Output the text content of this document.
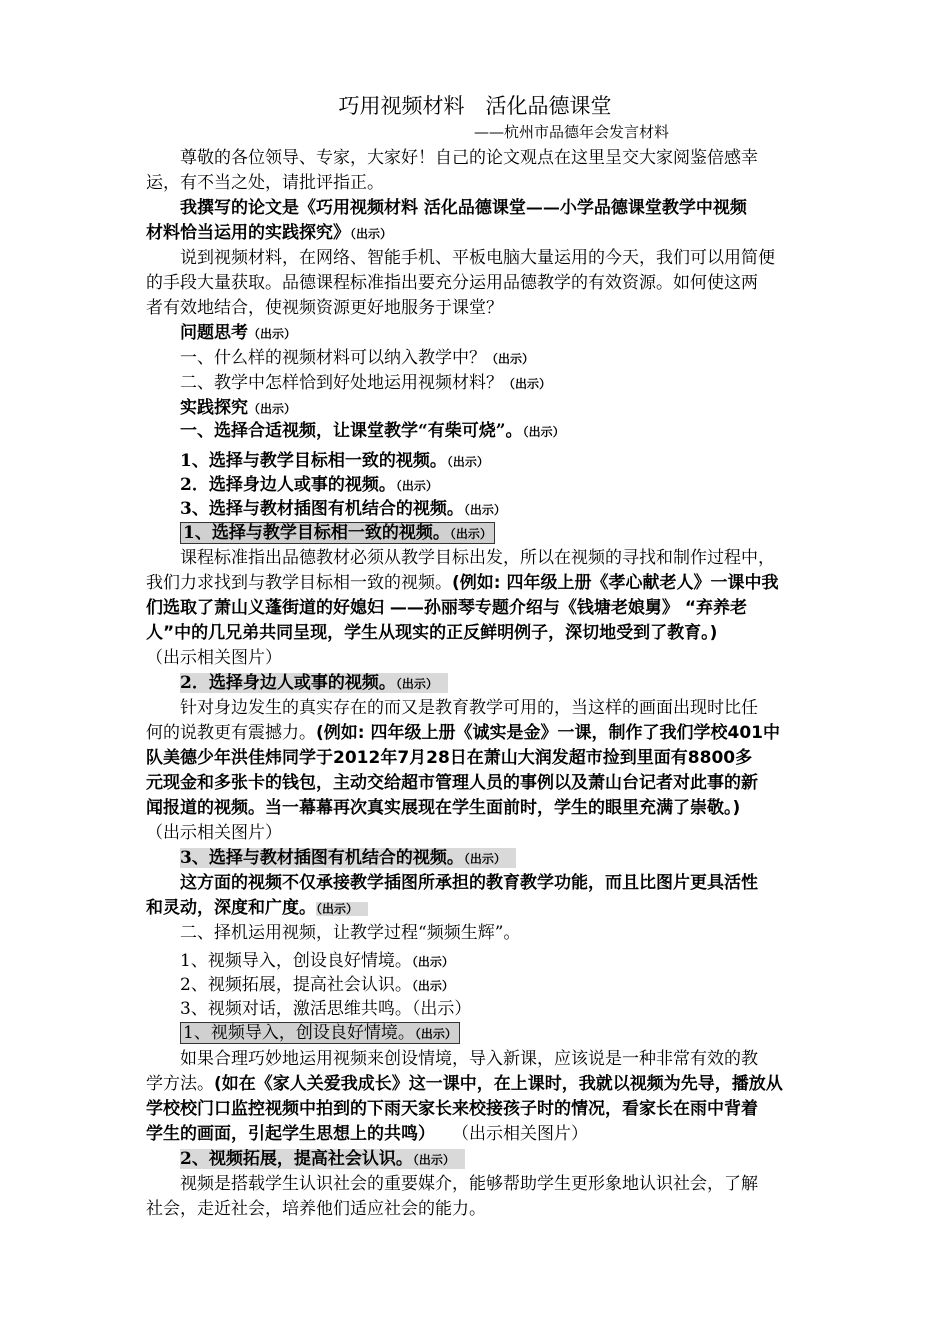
巧用视频材料　活化品德课堂
——杭州市品德年会发言材料
尊敬的各位领导、专家，大家好！自己的论文观点在这里呈交大家阅鉴倍感幸
运，有不当之处，请批评指正。
我撰写的论文是《巧用视频材料 活化品德课堂——小学品德课堂教学中视频
材料恰当运用的实践探究》（出示）
说到视频材料，在网络、智能手机、平板电脑大量运用的今天，我们可以用简便
的手段大量获取。品德课程标准指出要充分运用品德教学的有效资源。如何使这两
者有效地结合，使视频资源更好地服务于课堂？
问题思考（出示）
一、什么样的视频材料可以纳入教学中？（出示）
二、教学中怎样恰到好处地运用视频材料？（出示）
实践探究（出示）
一、选择合适视频，让课堂教学“有柴可烧”。（出示）
1、选择与教学目标相一致的视频。（出示）
2．选择身边人或事的视频。（出示）
3、选择与教材插图有机结合的视频。（出示）
1、选择与教学目标相一致的视频。（出示）
课程标准指出品德教材必须从教学目标出发，所以在视频的寻找和制作过程中，
我们力求找到与教学目标相一致的视频。(例如: 四年级上册《孝心献老人》一课中我
们选取了萧山义蓬街道的好媳妇 ——孙丽琴专题介绍与《钱塘老娘舅》 “弃养老
人”中的几兄弟共同呈现，学生从现实的正反鲜明例子，深切地受到了教育。)
（出示相关图片）
2．选择身边人或事的视频。（出示）
针对身边发生的真实存在的而又是教育教学可用的，当这样的画面出现时比任
何的说教更有震撼力。(例如: 四年级上册《诚实是金》一课，制作了我们学校401中
队美德少年洪佳炜同学于2012年7月28日在萧山大润发超市捡到里面有8800多
元现金和多张卡的钱包，主动交给超市管理人员的事例以及萧山台记者对此事的新
闻报道的视频。当一幕幕再次真实展现在学生面前时，学生的眼里充满了崇敬。)
（出示相关图片）
3、选择与教材插图有机结合的视频。（出示）
这方面的视频不仅承接教学插图所承担的教育教学功能，而且比图片更具活性
和灵动，深度和广度。（出示）
二、择机运用视频，让教学过程“频频生辉”。
1、视频导入，创设良好情境。（出示）
2、视频拓展，提高社会认识。（出示）
3、视频对话，激活思维共鸣。（出示）
1、视频导入，创设良好情境。（出示）
如果合理巧妙地运用视频来创设情境，导入新课，应该说是一种非常有效的教
学方法。(如在《家人关爱我成长》这一课中，在上课时，我就以视频为先导，播放从
学校校门口监控视频中拍到的下雨天家长来校接孩子时的情况，看家长在雨中背着
学生的画面，引起学生思想上的共鸣）　　（出示相关图片）
2、视频拓展，提高社会认识。（出示）
视频是搭载学生认识社会的重要媒介，能够帮助学生更形象地认识社会，了解
社会，走近社会，培养他们适应社会的能力。
